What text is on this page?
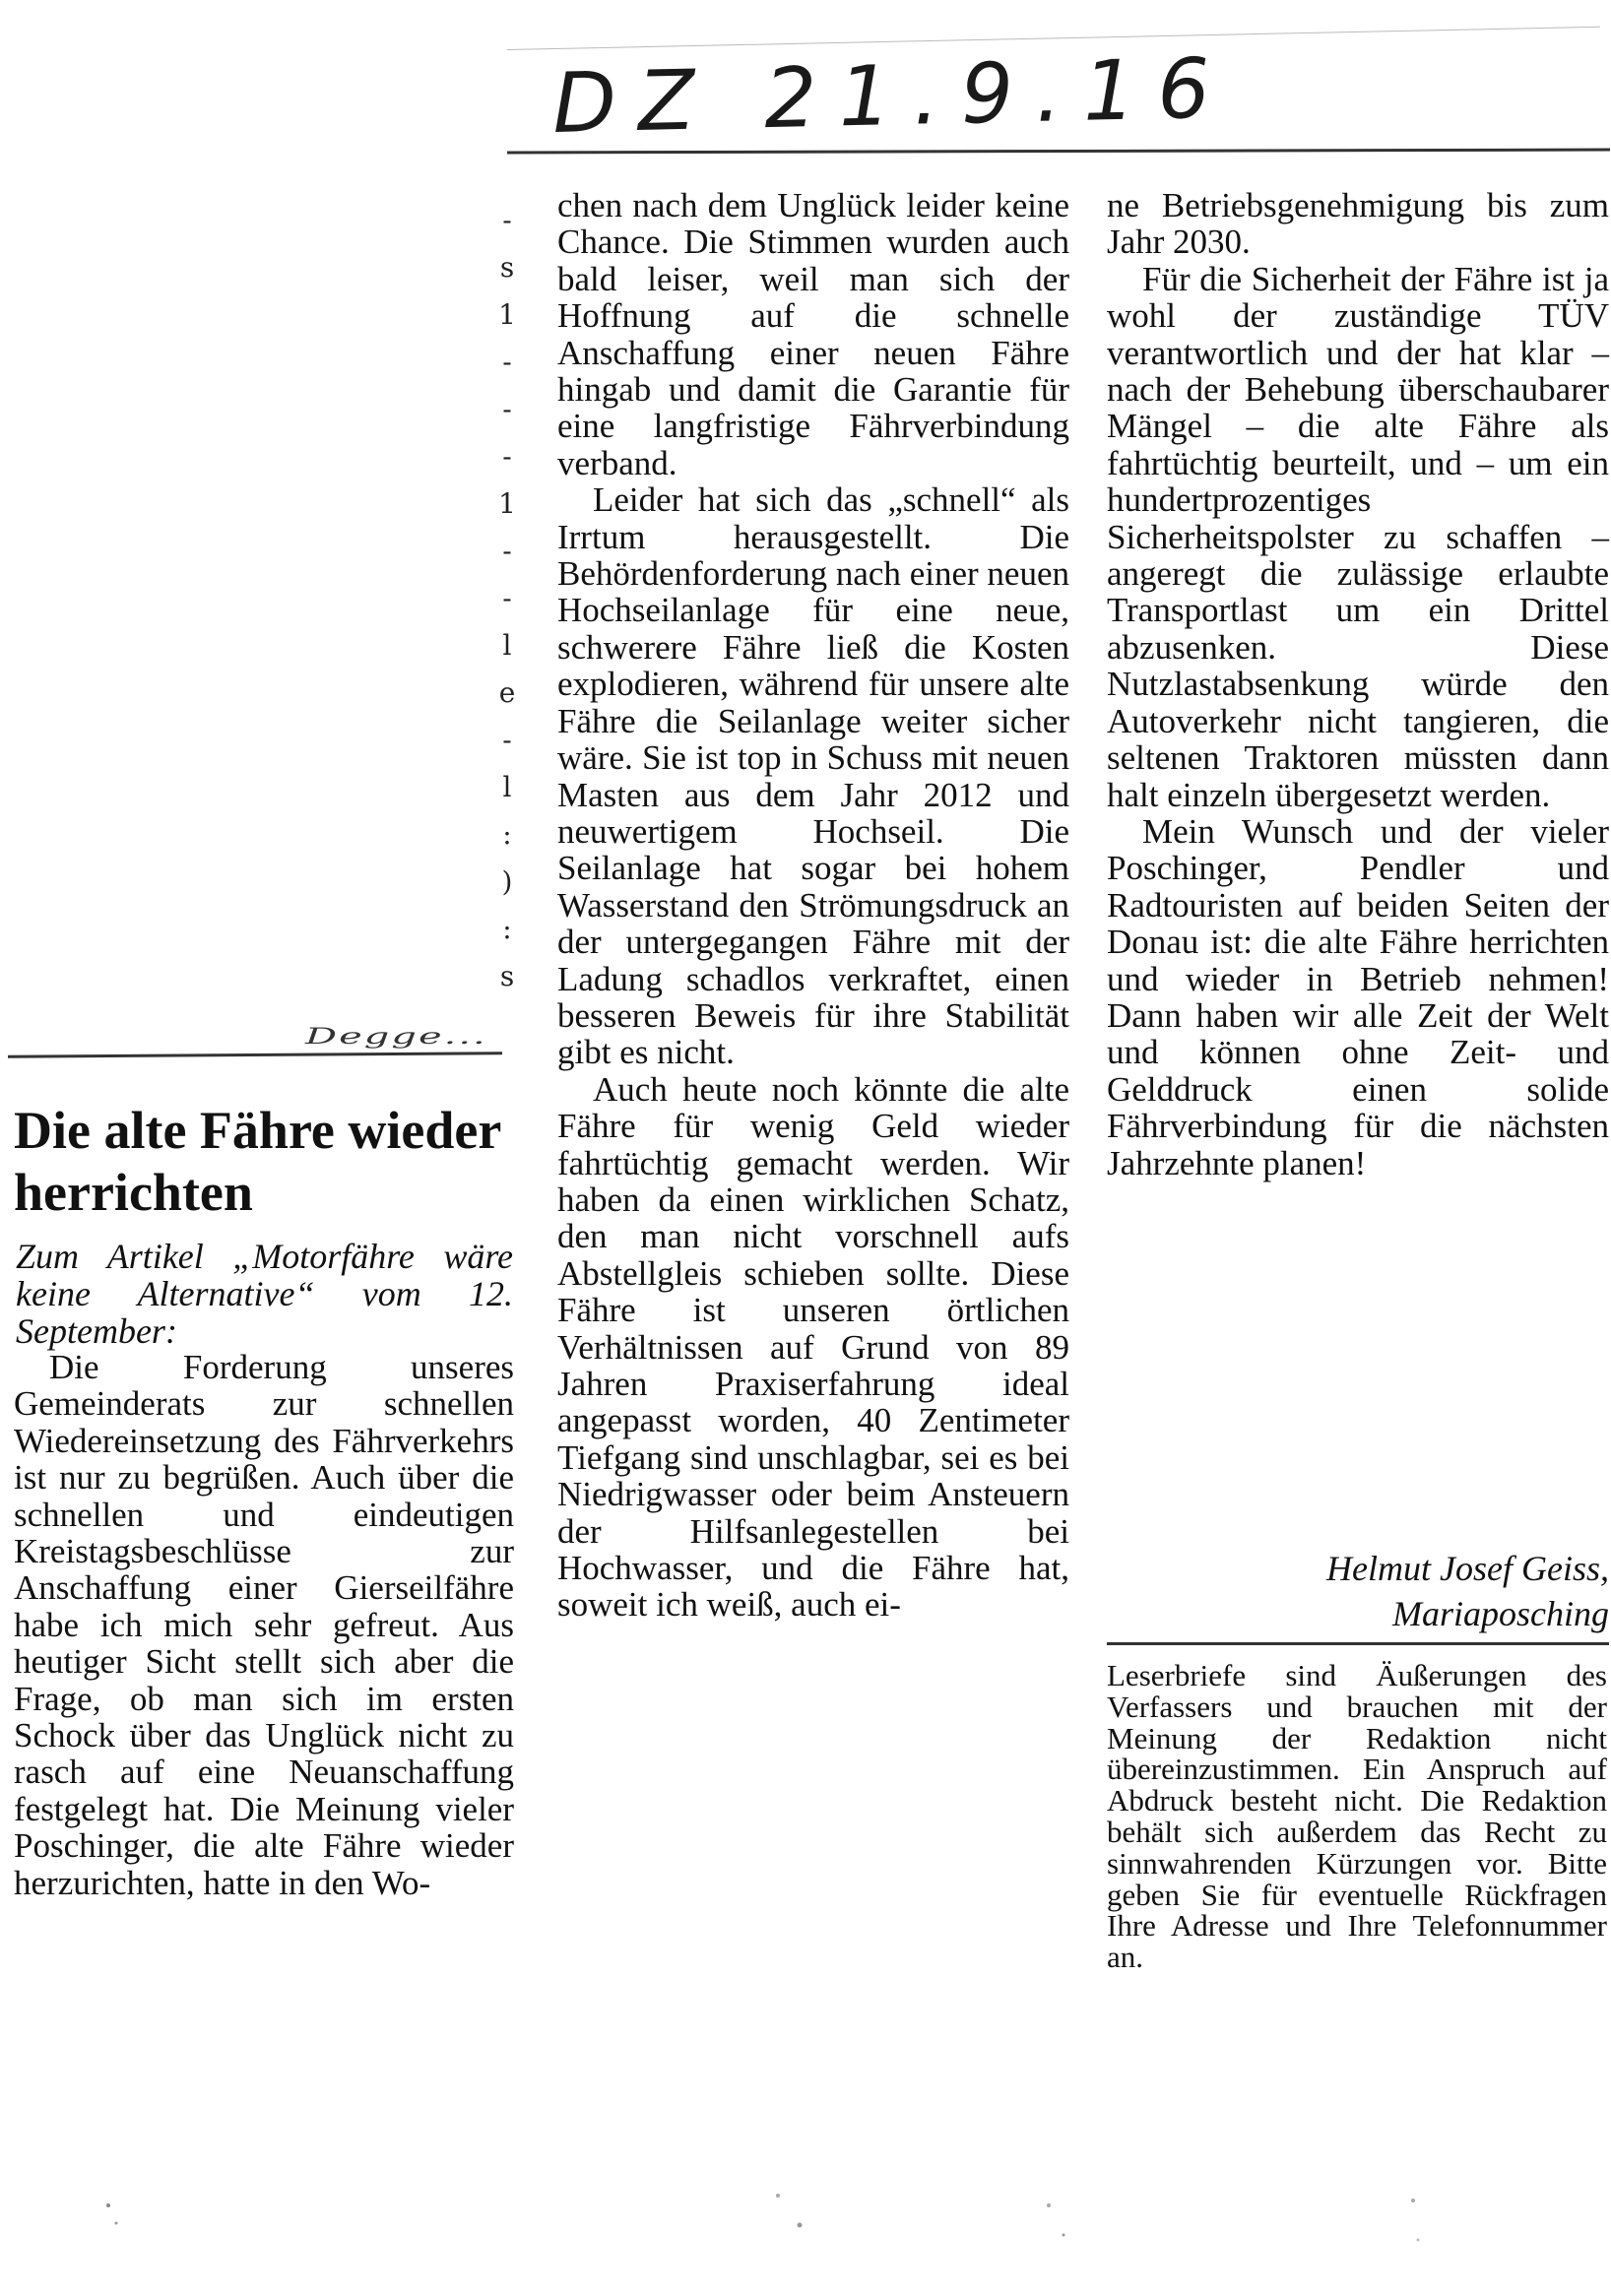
DZ 21.9.16
-
s
1
-
-
-
1
-
-
l
e
-
l
:
)
:
s
Degge...
Die alte Fähre wieder herrichten
Zum Artikel „Motorfähre wäre keine Alternative“ vom 12. September:

Die Forderung unseres Gemeinderats zur schnellen Wiedereinsetzung des Fährverkehrs ist nur zu begrüßen. Auch über die schnellen und eindeutigen Kreistagsbeschlüsse zur Anschaffung einer Gierseilfähre habe ich mich sehr gefreut. Aus heutiger Sicht stellt sich aber die Frage, ob man sich im ersten Schock über das Unglück nicht zu rasch auf eine Neuanschaffung festgelegt hat. Die Meinung vieler Poschinger, die alte Fähre wieder herzurichten, hatte in den Wo-

chen nach dem Unglück leider keine Chance. Die Stimmen wurden auch bald leiser, weil man sich der Hoffnung auf die schnelle Anschaffung einer neuen Fähre hingab und damit die Garantie für eine langfristige Fährverbindung verband.

Leider hat sich das „schnell“ als Irrtum herausgestellt. Die Behördenforderung nach einer neuen Hochseilanlage für eine neue, schwerere Fähre ließ die Kosten explodieren, während für unsere alte Fähre die Seilanlage weiter sicher wäre. Sie ist top in Schuss mit neuen Masten aus dem Jahr 2012 und neuwertigem Hochseil. Die Seilanlage hat sogar bei hohem Wasserstand den Strömungsdruck an der untergegangen Fähre mit der Ladung schadlos verkraftet, einen besseren Beweis für ihre Stabilität gibt es nicht.

Auch heute noch könnte die alte Fähre für wenig Geld wieder fahrtüchtig gemacht werden. Wir haben da einen wirklichen Schatz, den man nicht vorschnell aufs Abstellgleis schieben sollte. Diese Fähre ist unseren örtlichen Verhältnissen auf Grund von 89 Jahren Praxiserfahrung ideal angepasst worden, 40 Zentimeter Tiefgang sind unschlagbar, sei es bei Niedrigwasser oder beim Ansteuern der Hilfsanlegestellen bei Hochwasser, und die Fähre hat, soweit ich weiß, auch ei-

ne Betriebsgenehmigung bis zum Jahr 2030.

Für die Sicherheit der Fähre ist ja wohl der zuständige TÜV verantwortlich und der hat klar – nach der Behebung überschaubarer Mängel – die alte Fähre als fahrtüchtig beurteilt, und – um ein hundertprozentiges Sicherheitspolster zu schaffen – angeregt die zulässige erlaubte Transportlast um ein Drittel abzusenken. Diese Nutzlastabsenkung würde den Autoverkehr nicht tangieren, die seltenen Traktoren müssten dann halt einzeln übergesetzt werden.

Mein Wunsch und der vieler Poschinger, Pendler und Radtouristen auf beiden Seiten der Donau ist: die alte Fähre herrichten und wieder in Betrieb nehmen! Dann haben wir alle Zeit der Welt und können ohne Zeit- und Gelddruck einen solide Fährverbindung für die nächsten Jahrzehnte planen!

Helmut Josef Geiss,
Mariaposching
Leserbriefe sind Äußerungen des Verfassers und brauchen mit der Meinung der Redaktion nicht übereinzustimmen. Ein Anspruch auf Abdruck besteht nicht. Die Redaktion behält sich außerdem das Recht zu sinnwahrenden Kürzungen vor. Bitte geben Sie für eventuelle Rückfragen Ihre Adresse und Ihre Telefonnummer an.
